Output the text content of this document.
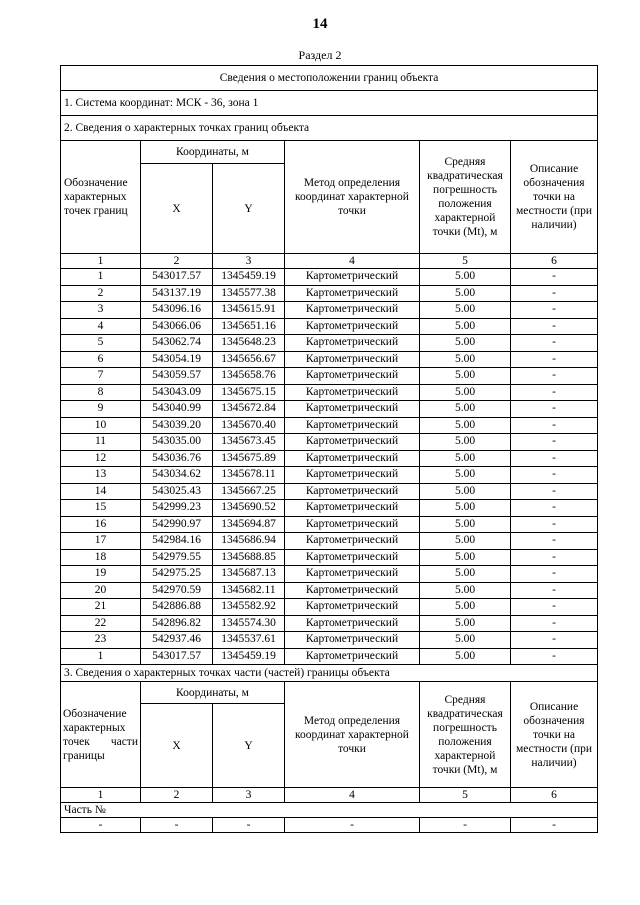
14
Раздел 2
Сведения о местоположении границ объекта					
1. Система координат: МСК - 36, зона 1					
2. Сведения о характерных точках границ объекта					
Обозначение характерных точек границ	Координаты, м		Метод определения координат характерной точки	Средняя квадратическая погрешность положения характерной точки (Mt), м	Описание обозначения точки на местности (при наличии)
	X	Y			
1	2	3	4	5	6
1	543017.57	1345459.19	Картометрический	5.00	-
2	543137.19	1345577.38	Картометрический	5.00	-
3	543096.16	1345615.91	Картометрический	5.00	-
4	543066.06	1345651.16	Картометрический	5.00	-
5	543062.74	1345648.23	Картометрический	5.00	-
6	543054.19	1345656.67	Картометрический	5.00	-
7	543059.57	1345658.76	Картометрический	5.00	-
8	543043.09	1345675.15	Картометрический	5.00	-
9	543040.99	1345672.84	Картометрический	5.00	-
10	543039.20	1345670.40	Картометрический	5.00	-
11	543035.00	1345673.45	Картометрический	5.00	-
12	543036.76	1345675.89	Картометрический	5.00	-
13	543034.62	1345678.11	Картометрический	5.00	-
14	543025.43	1345667.25	Картометрический	5.00	-
15	542999.23	1345690.52	Картометрический	5.00	-
16	542990.97	1345694.87	Картометрический	5.00	-
17	542984.16	1345686.94	Картометрический	5.00	-
18	542979.55	1345688.85	Картометрический	5.00	-
19	542975.25	1345687.13	Картометрический	5.00	-
20	542970.59	1345682.11	Картометрический	5.00	-
21	542886.88	1345582.92	Картометрический	5.00	-
22	542896.82	1345574.30	Картометрический	5.00	-
23	542937.46	1345537.61	Картометрический	5.00	-
1	543017.57	1345459.19	Картометрический	5.00	-
3. Сведения о характерных точках части (частей) границы объекта					
Обозначение характерных точек части границы	Координаты, м		Метод определения координат характерной точки	Средняя квадратическая погрешность положения характерной точки (Mt), м	Описание обозначения точки на местности (при наличии)
	X	Y			
1	2	3	4	5	6
Часть №					
-	-	-	-	-	-
